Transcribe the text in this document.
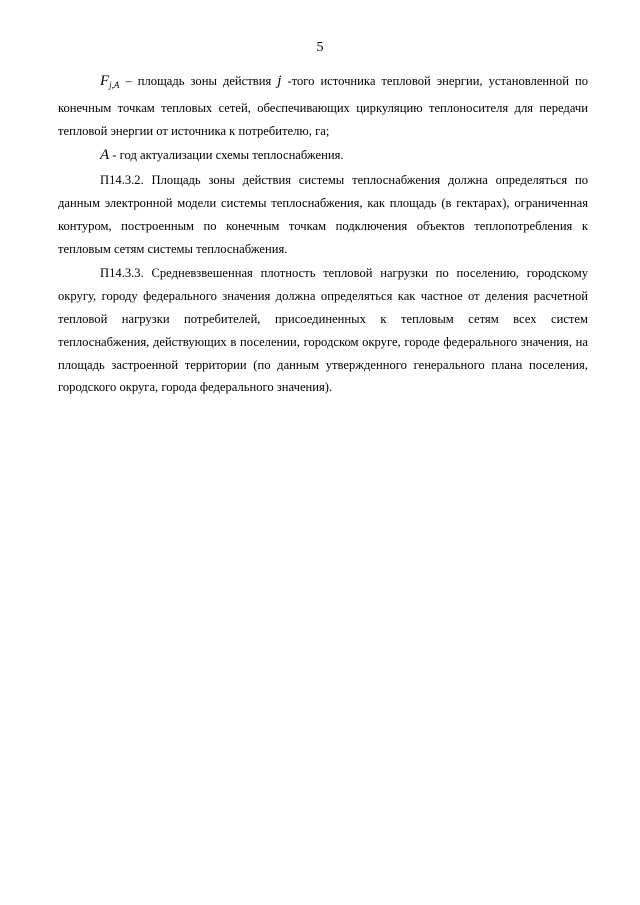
5

$F_{j,A}$ – площадь зоны действия j -того источника тепловой энергии, установленной по конечным точкам тепловых сетей, обеспечивающих циркуляцию теплоносителя для передачи тепловой энергии от источника к потребителю, га;

A - год актуализации схемы теплоснабжения.

П14.3.2. Площадь зоны действия системы теплоснабжения должна определяться по данным электронной модели системы теплоснабжения, как площадь (в гектарах), ограниченная контуром, построенным по конечным точкам подключения объектов теплопотребления к тепловым сетям системы теплоснабжения.

П14.3.3. Средневзвешенная плотность тепловой нагрузки по поселению, городскому округу, городу федерального значения должна определяться как частное от деления расчетной тепловой нагрузки потребителей, присоединенных к тепловым сетям всех систем теплоснабжения, действующих в поселении, городском округе, городе федерального значения, на площадь застроенной территории (по данным утвержденного генерального плана поселения, городского округа, города федерального значения).
